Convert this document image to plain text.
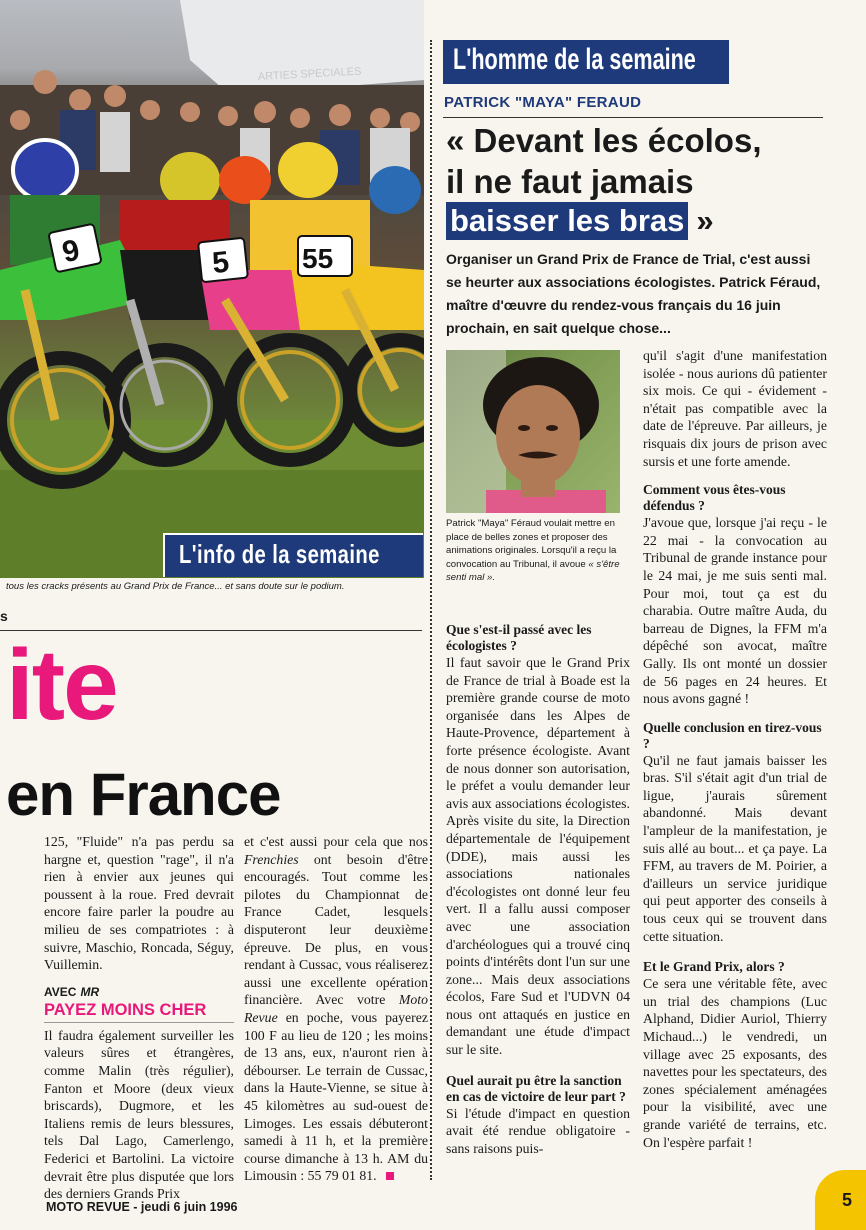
ARTIES SPECIALES
9	5	55
L'info de la semaine
tous les cracks présents au Grand Prix de France... et sans doute sur le podium.
s
ite
en France

125, "Fluide" n'a pas perdu sa hargne et, question "rage", il n'a rien à envier aux jeunes qui poussent à la roue. Fred devrait encore faire parler la poudre au milieu de ses compatriotes : à suivre, Maschio, Roncada, Séguy, Vuillemin.

AVEC MR
PAYEZ MOINS CHER

Il faudra également surveiller les valeurs sûres et étrangères, comme Malin (très régulier), Fanton et Moore (deux vieux briscards), Dugmore, et les Italiens remis de leurs blessures, tels Dal Lago, Camerlengo, Federici et Bartolini. La victoire devrait être plus disputée que lors des derniers Grands Prix

et c'est aussi pour cela que nos Frenchies ont besoin d'être encouragés. Tout comme les pilotes du Championnat de France Cadet, lesquels disputeront leur deuxième épreuve. De plus, en vous rendant à Cussac, vous réaliserez aussi une excellente opération financière. Avec votre Moto Revue en poche, vous payerez 100 F au lieu de 120 ; les moins de 13 ans, eux, n'auront rien à débourser. Le terrain de Cussac, dans la Haute-Vienne, se situe à 45 kilomètres au sud-ouest de Limoges. Les essais débuteront samedi à 11 h, et la première course dimanche à 13 h. AM du Limousin : 55 79 01 81.

L'homme de la semaine
PATRICK "MAYA" FERAUD
« Devant les écolos,
il ne faut jamais
baisser les bras »
Organiser un Grand Prix de France de Trial, c'est aussi se heurter aux associations écologistes. Patrick Féraud, maître d'œuvre du rendez-vous français du 16 juin prochain, en sait quelque chose...
Patrick "Maya" Féraud voulait mettre en place de belles zones et proposer des animations originales. Lorsqu'il a reçu la convocation au Tribunal, il avoue « s'être senti mal ».

Que s'est-il passé avec les écologistes ?

Il faut savoir que le Grand Prix de France de trial à Boade est la première grande course de moto organisée dans les Alpes de Haute-Provence, département à forte présence écologiste. Avant de nous donner son autorisation, le préfet a voulu demander leur avis aux associations écologistes. Après visite du site, la Direction départementale de l'équipement (DDE), mais aussi les associations nationales d'écologistes ont donné leur feu vert. Il a fallu aussi composer avec une association d'archéologues qui a trouvé cinq points d'intérêts dont l'un sur une zone... Mais deux associations écolos, Fare Sud et l'UDVN 04 nous ont attaqués en justice en demandant une étude d'impact sur le site.

Quel aurait pu être la sanction en cas de victoire de leur part ?

Si l'étude d'impact en question avait été rendue obligatoire - sans raisons puis-

qu'il s'agit d'une manifestation isolée - nous aurions dû patienter six mois. Ce qui - évidement - n'était pas compatible avec la date de l'épreuve. Par ailleurs, je risquais dix jours de prison avec sursis et une forte amende.

Comment vous êtes-vous défendus ?

J'avoue que, lorsque j'ai reçu - le 22 mai - la convocation au Tribunal de grande instance pour le 24 mai, je me suis senti mal. Pour moi, tout ça est du charabia. Outre maître Auda, du barreau de Dignes, la FFM m'a dépêché son avocat, maître Gally. Ils ont monté un dossier de 56 pages en 24 heures. Et nous avons gagné !

Quelle conclusion en tirez-vous ?

Qu'il ne faut jamais baisser les bras. S'il s'était agit d'un trial de ligue, j'aurais sûrement abandonné. Mais devant l'ampleur de la manifestation, je suis allé au bout... et ça paye. La FFM, au travers de M. Poirier, a d'ailleurs un service juridique qui peut apporter des conseils à tous ceux qui se trouvent dans cette situation.

Et le Grand Prix, alors ?

Ce sera une véritable fête, avec un trial des champions (Luc Alphand, Didier Auriol, Thierry Michaud...) le vendredi, un village avec 25 exposants, des navettes pour les spectateurs, des zones spécialement aménagées pour la visibilité, avec une grande variété de terrains, etc. On l'espère parfait !

MOTO REVUE - jeudi 6 juin 1996	5
